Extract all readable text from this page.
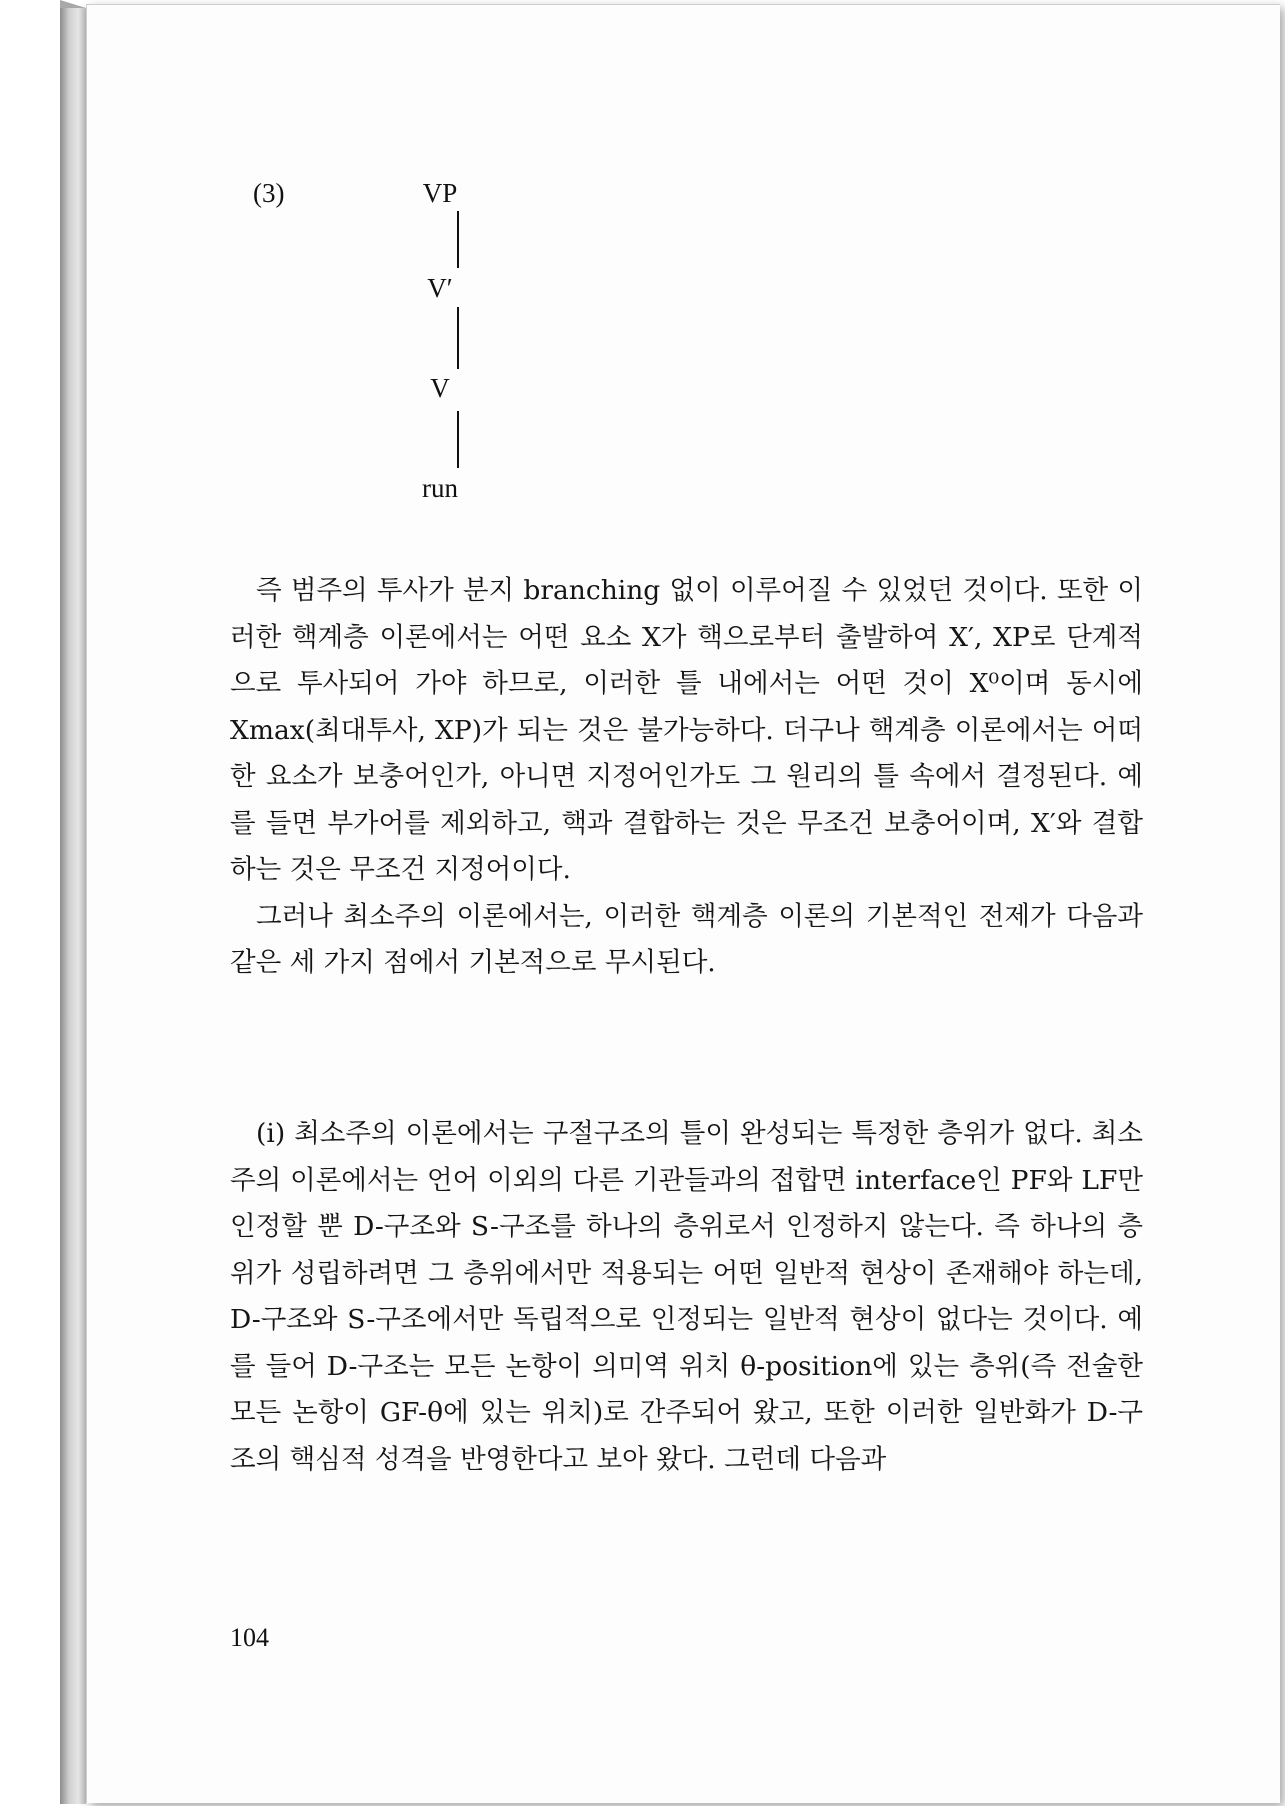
(3)	VP
V′
V
run

즉 범주의 투사가 분지 branching 없이 이루어질 수 있었던 것이다. 또한 이러한 핵계층 이론에서는 어떤 요소 X가 핵으로부터 출발하여 X′, XP로 단계적으로 투사되어 가야 하므로, 이러한 틀 내에서는 어떤 것이 X⁰이며 동시에 Xmax(최대투사, XP)가 되는 것은 불가능하다. 더구나 핵계층 이론에서는 어떠한 요소가 보충어인가, 아니면 지정어인가도 그 원리의 틀 속에서 결정된다. 예를 들면 부가어를 제외하고, 핵과 결합하는 것은 무조건 보충어이며, X′와 결합하는 것은 무조건 지정어이다.

그러나 최소주의 이론에서는, 이러한 핵계층 이론의 기본적인 전제가 다음과 같은 세 가지 점에서 기본적으로 무시된다.

(i) 최소주의 이론에서는 구절구조의 틀이 완성되는 특정한 층위가 없다. 최소주의 이론에서는 언어 이외의 다른 기관들과의 접합면 interface인 PF와 LF만 인정할 뿐 D-구조와 S-구조를 하나의 층위로서 인정하지 않는다. 즉 하나의 층위가 성립하려면 그 층위에서만 적용되는 어떤 일반적 현상이 존재해야 하는데, D-구조와 S-구조에서만 독립적으로 인정되는 일반적 현상이 없다는 것이다. 예를 들어 D-구조는 모든 논항이 의미역 위치 θ-position에 있는 층위(즉 전술한 모든 논항이 GF-θ에 있는 위치)로 간주되어 왔고, 또한 이러한 일반화가 D-구조의 핵심적 성격을 반영한다고 보아 왔다. 그런데 다음과

104
